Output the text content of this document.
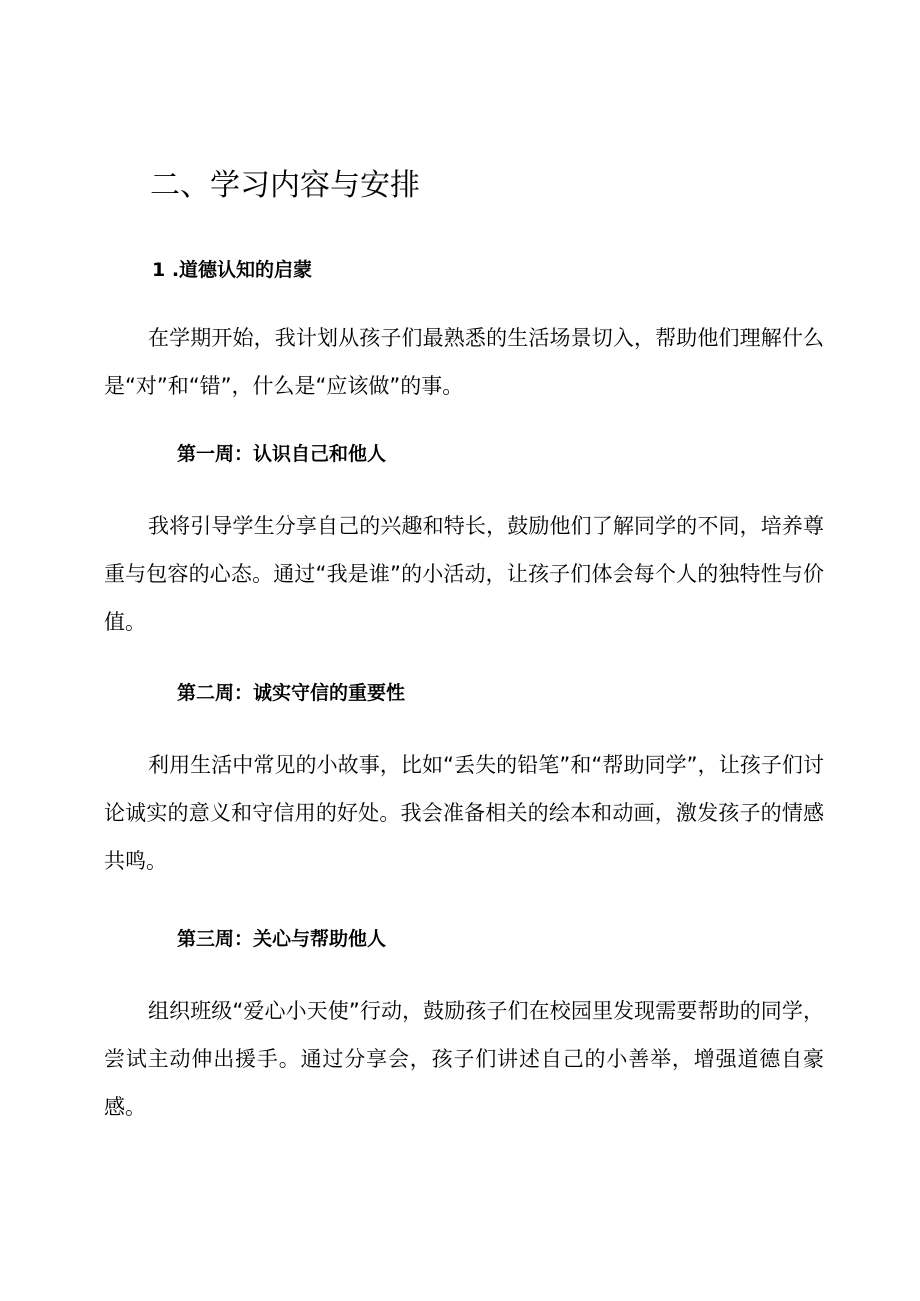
二、学习内容与安排
1 .道德认知的启蒙

在学期开始，我计划从孩子们最熟悉的生活场景切入，帮助他们理解什么是“对”和“错”，什么是“应该做”的事。

第一周：认识自己和他人

我将引导学生分享自己的兴趣和特长，鼓励他们了解同学的不同，培养尊重与包容的心态。通过“我是谁”的小活动，让孩子们体会每个人的独特性与价值。

第二周：诚实守信的重要性

利用生活中常见的小故事，比如“丢失的铅笔”和“帮助同学”，让孩子们讨论诚实的意义和守信用的好处。我会准备相关的绘本和动画，激发孩子的情感共鸣。

第三周：关心与帮助他人

组织班级“爱心小天使”行动，鼓励孩子们在校园里发现需要帮助的同学，尝试主动伸出援手。通过分享会，孩子们讲述自己的小善举，增强道德自豪感。
